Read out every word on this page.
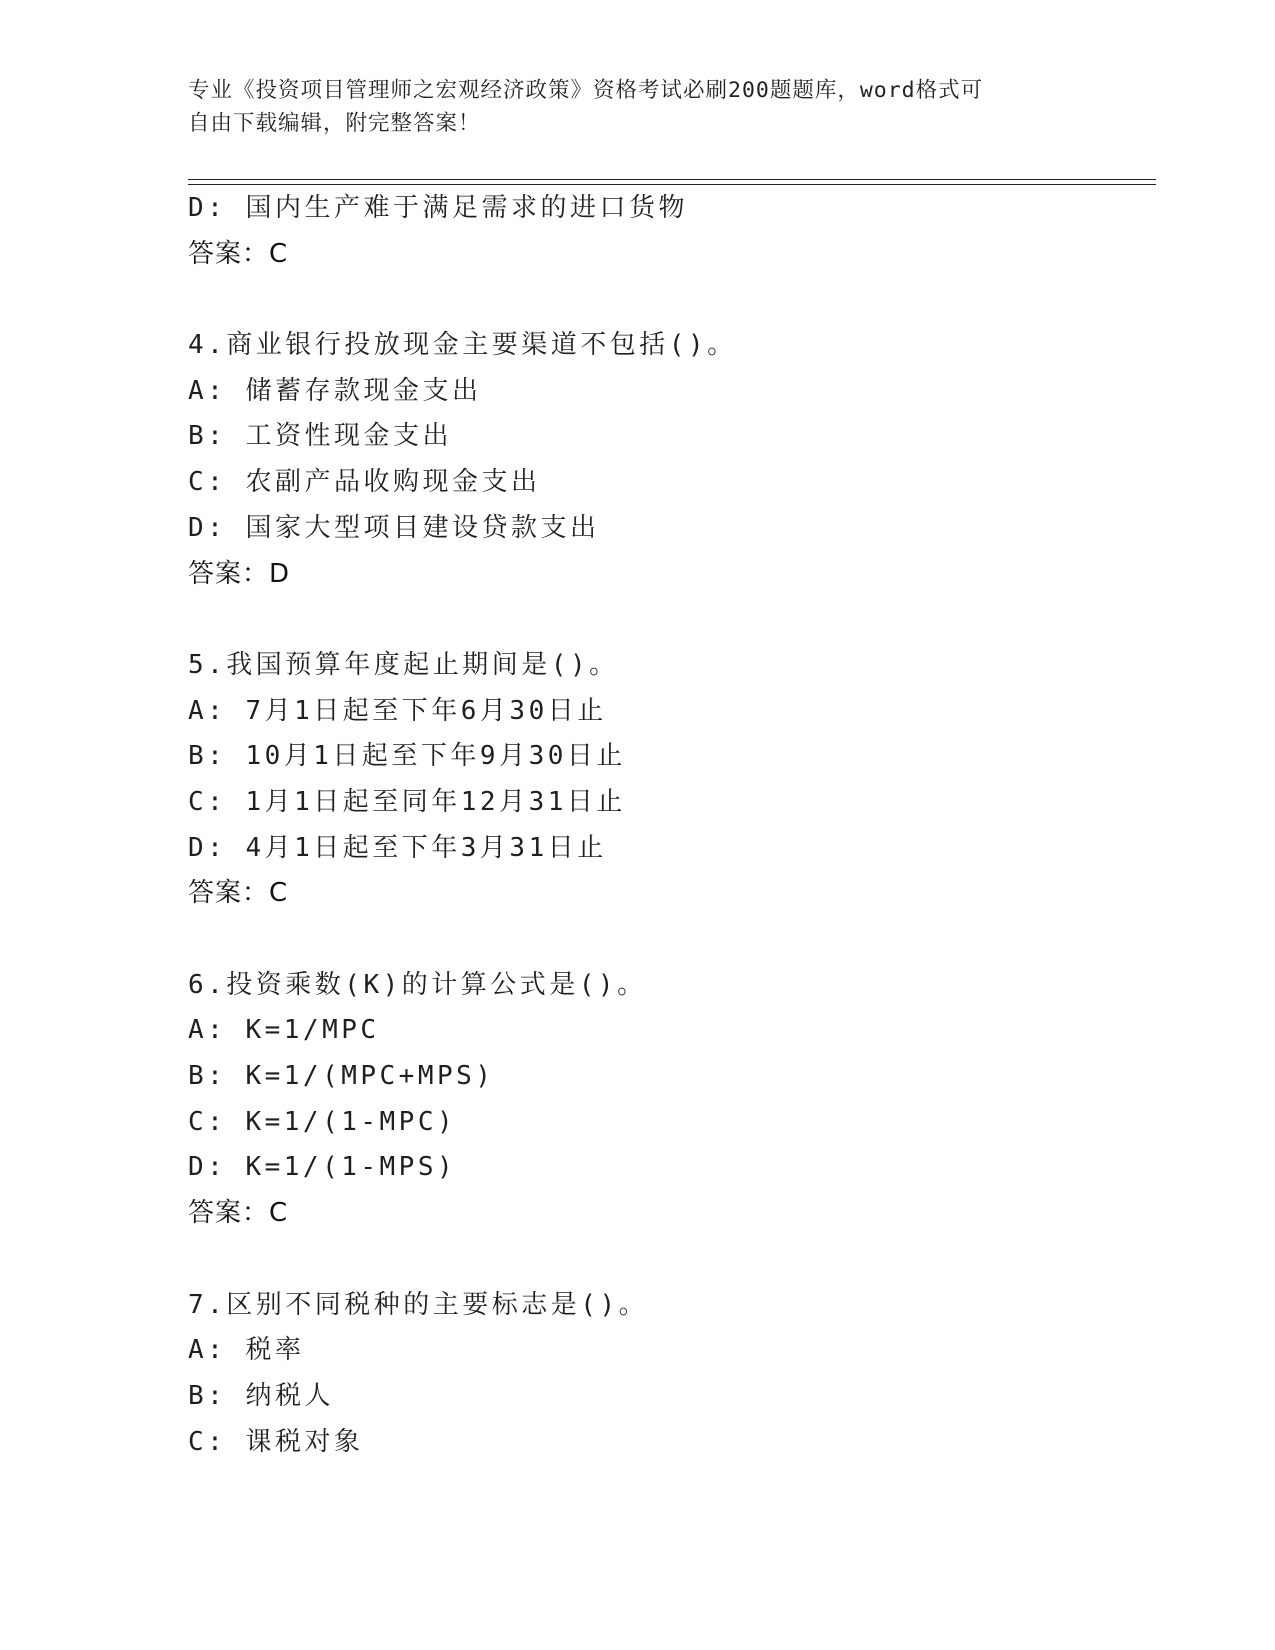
专业《投资项目管理师之宏观经济政策》资格考试必刷200题题库，word格式可
自由下载编辑，附完整答案！
D: 国内生产难于满足需求的进口货物
答案：C
4.商业银行投放现金主要渠道不包括()。
A: 储蓄存款现金支出
B: 工资性现金支出
C: 农副产品收购现金支出
D: 国家大型项目建设贷款支出
答案：D
5.我国预算年度起止期间是()。
A: 7月1日起至下年6月30日止
B: 10月1日起至下年9月30日止
C: 1月1日起至同年12月31日止
D: 4月1日起至下年3月31日止
答案：C
6.投资乘数(K)的计算公式是()。
A: K=1/MPC
B: K=1/(MPC+MPS)
C: K=1/(1-MPC)
D: K=1/(1-MPS)
答案：C
7.区别不同税种的主要标志是()。
A: 税率
B: 纳税人
C: 课税对象
